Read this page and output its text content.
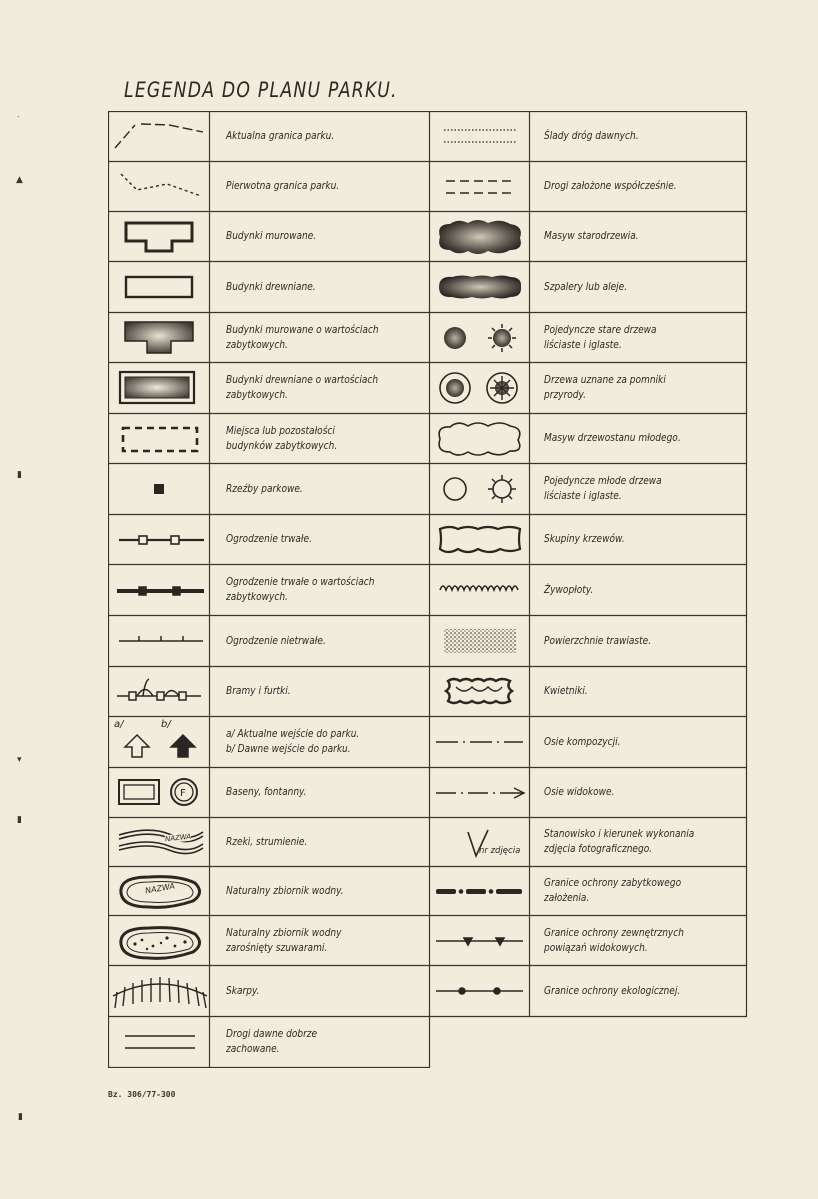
LEGENDA DO PLANU PARKU.
a/	b/
F
NAZWA
NAZWA
nr zdjęcia
Aktualna granica parku.
Pierwotna granica parku.
Budynki murowane.
Budynki drewniane.
Budynki murowane o wartościach
zabytkowych.
Budynki drewniane o wartościach
zabytkowych.
Miejsca lub pozostałości
budynków zabytkowych.
Rzeźby parkowe.
Ogrodzenie trwałe.
Ogrodzenie trwałe o wartościach
zabytkowych.
Ogrodzenie nietrwałe.
Bramy i furtki.
a/ Aktualne wejście do parku.
b/ Dawne wejście do parku.
Baseny, fontanny.
Rzeki, strumienie.
Naturalny zbiornik wodny.
Naturalny zbiornik wodny
zarośnięty szuwarami.
Skarpy.
Drogi dawne dobrze
zachowane.
Ślady dróg dawnych.
Drogi założone współcześnie.
Masyw starodrzewia.
Szpalery lub aleje.
Pojedyncze stare drzewa
liściaste i iglaste.
Drzewa uznane za pomniki
przyrody.
Masyw drzewostanu młodego.
Pojedyncze młode drzewa
liściaste i iglaste.
Skupiny krzewów.
Żywopłoty.
Powierzchnie trawiaste.
Kwietniki.
Osie kompozycji.
Osie widokowe.
Stanowisko i kierunek wykonania
zdjęcia fotograficznego.
Granice ochrony zabytkowego
założenia.
Granice ochrony zewnętrznych
powiązań widokowych.
Granice ochrony ekologicznej.
Bz. 306/77-300
˙
▲
▮
▾
▮
▮
